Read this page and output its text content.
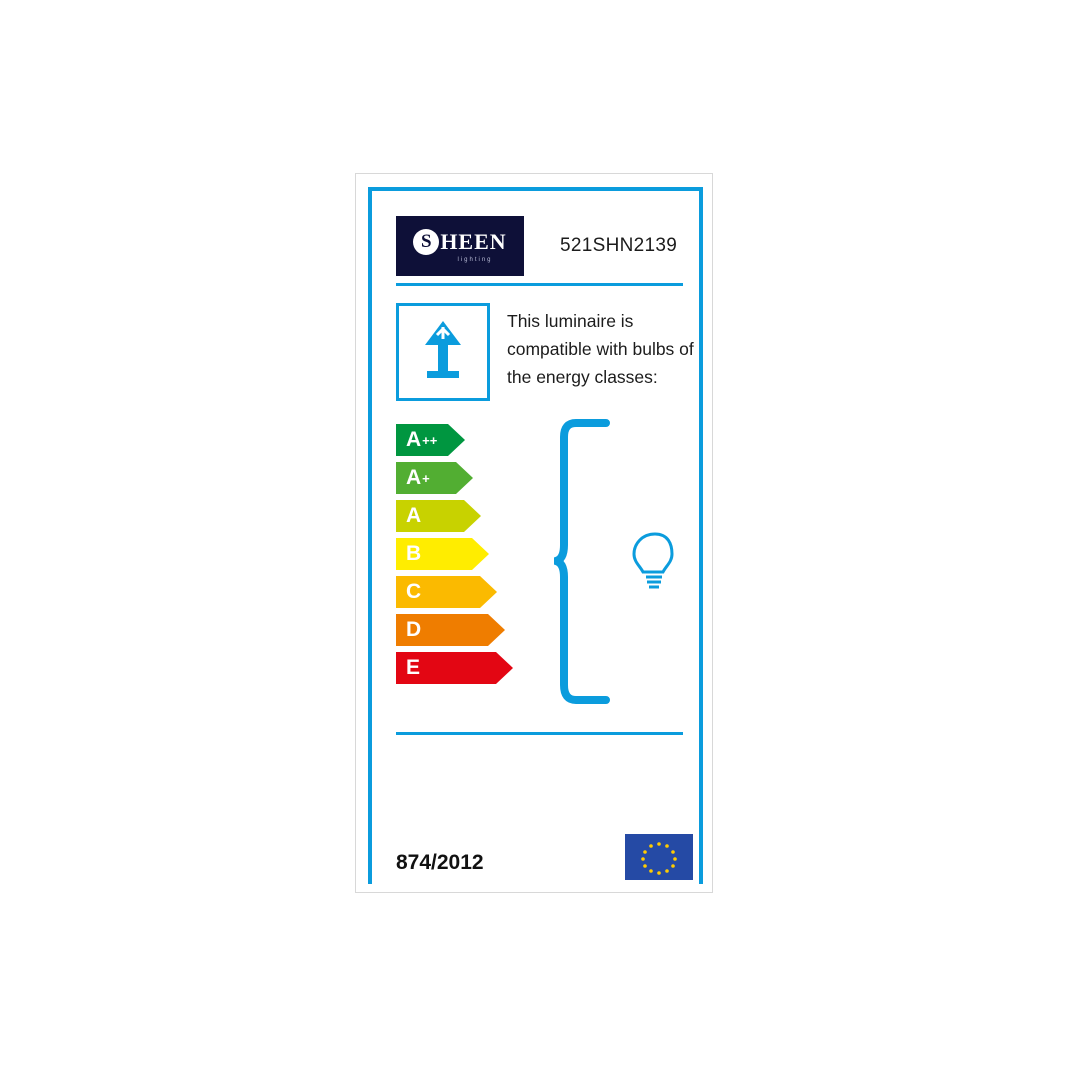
S HEEN
lighting
521SHN2139
This luminaire is compatible with bulbs of the energy classes:
A ++
A +
A
B
C
D
E
874/2012
